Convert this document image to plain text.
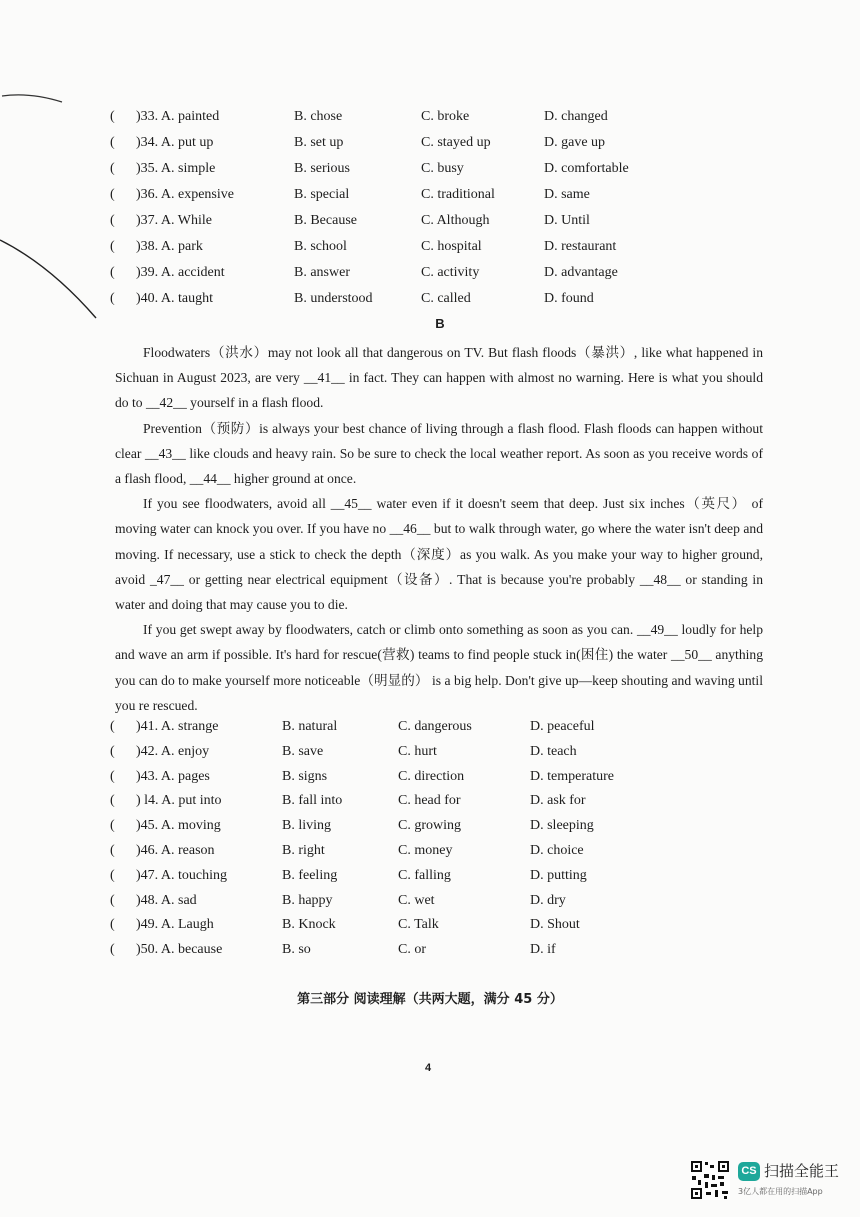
( )33. A. painted	B. chose	C. broke	D. changed
( )34. A. put up	B. set up	C. stayed up	D. gave up
( )35. A. simple	B. serious	C. busy	D. comfortable
( )36. A. expensive	B. special	C. traditional	D. same
( )37. A. While	B. Because	C. Although	D. Until
( )38. A. park	B. school	C. hospital	D. restaurant
( )39. A. accident	B. answer	C. activity	D. advantage
( )40. A. taught	B. understood	C. called	D. found
B

Floodwaters（洪水）may not look all that dangerous on TV. But flash floods（暴洪）, like what happened in Sichuan in August 2023, are very __41__ in fact. They can happen with almost no warning. Here is what you should do to __42__ yourself in a flash flood.

Prevention（预防）is always your best chance of living through a flash flood. Flash floods can happen without clear __43__ like clouds and heavy rain. So be sure to check the local weather report. As soon as you receive words of a flash flood, __44__ higher ground at once.

If you see floodwaters, avoid all __45__ water even if it doesn't seem that deep. Just six inches（英尺） of moving water can knock you over. If you have no __46__ but to walk through water, go where the water isn't deep and moving. If necessary, use a stick to check the depth（深度）as you walk. As you make your way to higher ground, avoid _47__ or getting near electrical equipment（设备）. That is because you're probably __48__ or standing in water and doing that may cause you to die.

If you get swept away by floodwaters, catch or climb onto something as soon as you can. __49__ loudly for help and wave an arm if possible. It's hard for rescue(营救) teams to find people stuck in(困住) the water __50__ anything you can do to make yourself more noticeable（明显的） is a big help. Don't give up—keep shouting and waving until you re rescued.

( )41. A. strange	B. natural	C. dangerous	D. peaceful
( )42. A. enjoy	B. save	C. hurt	D. teach
( )43. A. pages	B. signs	C. direction	D. temperature
( ) l4. A. put into	B. fall into	C. head for	D. ask for
( )45. A. moving	B. living	C. growing	D. sleeping
( )46. A. reason	B. right	C. money	D. choice
( )47. A. touching	B. feeling	C. falling	D. putting
( )48. A. sad	B. happy	C. wet	D. dry
( )49. A. Laugh	B. Knock	C. Talk	D. Shout
( )50. A. because	B. so	C. or	D. if
第三部分 阅读理解（共两大题，满分 45 分）
4
CS 扫描全能王
3亿人都在用的扫描App
